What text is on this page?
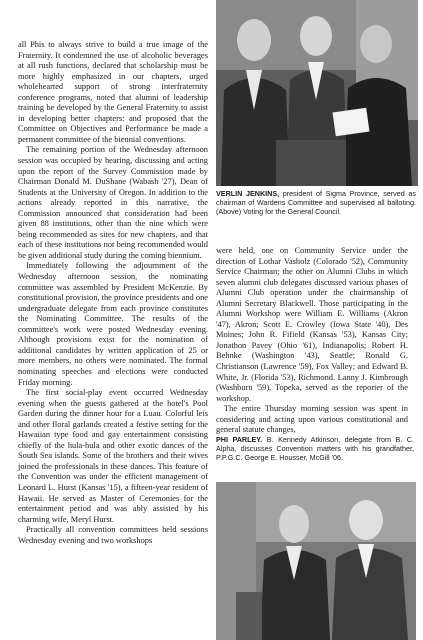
VERLIN JENKINS, president of Sigma Province, served as chairman of Wardens Committee and supervised all balloting. (Above) Voting for the General Council.

all Phis to always strive to build a true image of the Fraternity. It condemned the use of alcoholic beverages at all rush functions, declared that scholarship must be more highly emphasized in our chapters, urged wholehearted support of strong interfraternity conference programs, noted that alumni of leadership training be developed by the General Fraternity to assist in developing better chapters: and proposed that the Committee on Objectives and Performance be made a permanent committee of the biennial conventions.

The remaining portion of the Wednesday afternoon session was occupied by hearing, discussing and acting upon the report of the Survey Commission made by Chairman Donald M. DuShane (Wabash '27), Dean of Students at the University of Oregon. In addition to the actions already reported in this narrative, the Commission announced that consideration had been given 88 institutions, other than the nine which were being recommended as sites for new chapters, and that each of these institutions not being recommended would be given additional study during the coming biennium.

Immediately following the adjournment of the Wednesday afternoon session, the nominating committee was assembled by President McKenzie. By constitutional provision, the province presidents and one undergraduate delegate from each province constitutes the Nominating Committee. The results of the committee's work were posted Wednesday evening. Although provisions exist for the nomination of additional candidates by written application of 25 or more members, no others were nominated. The formal nominating speeches and elections were conducted Friday morning.

The first social-play event occurred Wednesday evening when the guests gathered at the hotel's Pool Garden during the dinner hour for a Luau. Colorful leis and other floral garlands created a festive setting for the Hawaiian type food and gay entertainment consisting chiefly of the hula-hula and other exotic dances of the South Sea islands. Some of the brothers and their wives joined the professionals in these dances. This feature of the Convention was under the efficient management of Leonard L. Hurst (Kansas '15), a fifteen-year resident of Hawaii. He served as Master of Ceremonies for the entertainment period and was ably assisted by his charming wife, Meryl Hurst.

Practically all convention committees held sessions Wednesday evening and two workshops

were held, one on Community Service under the direction of Lothar Vasholz (Colorado '52), Community Service Chairman; the other on Alumni Clubs in which seven alumni club delegates discussed various phases of Alumni Club operation under the chairmanship of Alumni Secretary Blackwell. Those participating in the Alumni Workshop were William E. Williams (Akron '47), Akron; Scott E. Crowley (Iowa State '40), Des Moines; John R. Fifield (Kansas '53), Kansas City; Jonathon Pavey (Ohio '61), Indianapolis; Robert H. Behnke (Washington '43), Seattle; Ronald G. Christianson (Lawrence '59), Fox Valley; and Edward B. White, Jr. (Florida '53), Richmond. Lanny J. Kimbrough (Washburn '59), Topeka, served as the reporter of the workshop.

The entire Thursday morning session was spent in considering and acting upon various constitutional and general statute changes,

PHI PARLEY. B. Kennedy Atkinson, delegate from B. C. Alpha, discusses Convention matters with his grandfather, P.P.G.C. George E. Housser, McGill '06.
